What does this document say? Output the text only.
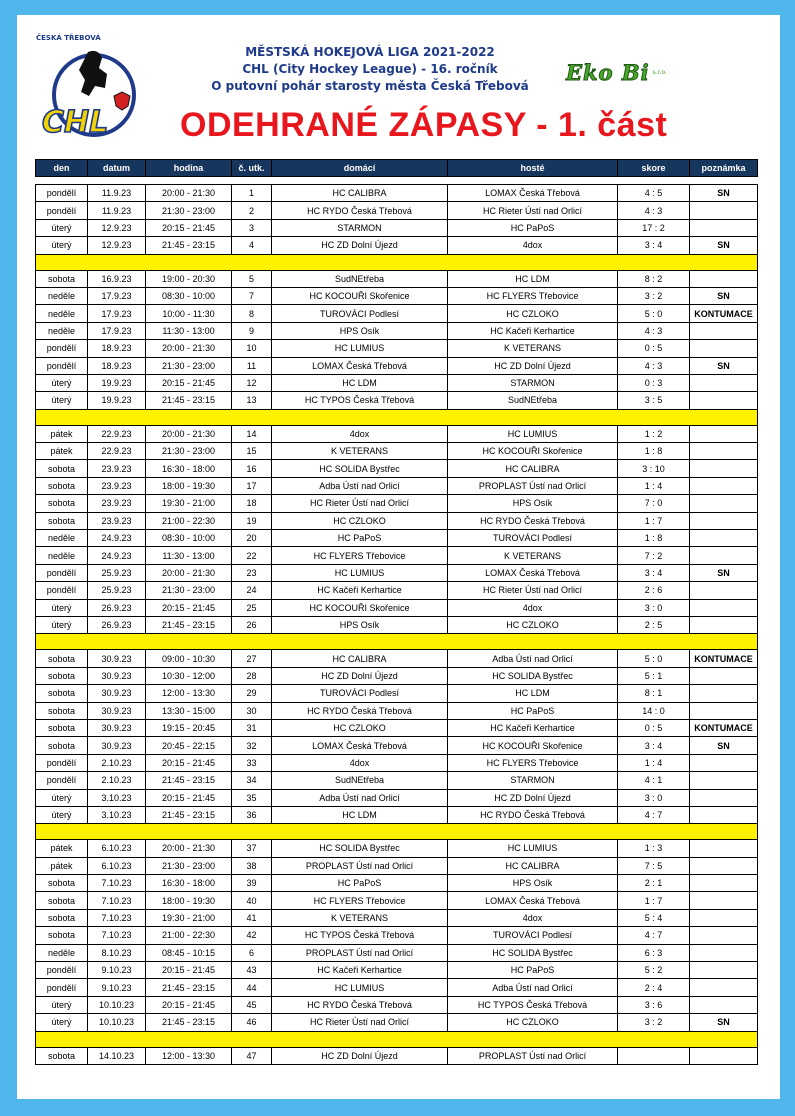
ČESKÁ TŘEBOVÁ
CHL
MĚSTSKÁ HOKEJOVÁ LIGA 2021-2022
CHL (City Hockey League) - 16. ročník
O putovní pohár starosty města Česká Třebová
Eko Bi $^{s.r.o.}$
ODEHRANÉ ZÁPASY - 1. část
den	datum	hodina	č. utk.	domácí	hosté	skore	poznámka

pondělí	11.9.23	20:00 - 21:30	1	HC CALIBRA	LOMAX Česká Třebová	4 : 5	SN
pondělí	11.9.23	21:30 - 23:00	2	HC RYDO Česká Třebová	HC Rieter Ústí nad Orlicí	4 : 3	
úterý	12.9.23	20:15 - 21:45	3	STARMON	HC PaPoS	17 : 2	
úterý	12.9.23	21:45 - 23:15	4	HC ZD Dolní Újezd	4dox	3 : 4	SN

sobota	16.9.23	19:00 - 20:30	5	SudNEtřeba	HC LDM	8 : 2	
neděle	17.9.23	08:30 - 10:00	7	HC KOCOUŘI Skořenice	HC FLYERS Třebovice	3 : 2	SN
neděle	17.9.23	10:00 - 11:30	8	TUROVÁCI Podlesí	HC CZLOKO	5 : 0	KONTUMACE
neděle	17.9.23	11:30 - 13:00	9	HPS Osík	HC Kačeři Kerhartice	4 : 3	
pondělí	18.9.23	20:00 - 21:30	10	HC LUMIUS	K VETERANS	0 : 5	
pondělí	18.9.23	21:30 - 23:00	11	LOMAX Česká Třebová	HC ZD Dolní Újezd	4 : 3	SN
úterý	19.9.23	20:15 - 21:45	12	HC LDM	STARMON	0 : 3	
úterý	19.9.23	21:45 - 23:15	13	HC TYPOS Česká Třebová	SudNEtřeba	3 : 5	

pátek	22.9.23	20:00 - 21:30	14	4dox	HC LUMIUS	1 : 2	
pátek	22.9.23	21:30 - 23:00	15	K VETERANS	HC KOCOUŘI Skořenice	1 : 8	
sobota	23.9.23	16:30 - 18:00	16	HC SOLIDA Bystřec	HC CALIBRA	3 : 10	
sobota	23.9.23	18:00 - 19:30	17	Adba Ústí nad Orlicí	PROPLAST Ústí nad Orlicí	1 : 4	
sobota	23.9.23	19:30 - 21:00	18	HC Rieter Ústí nad Orlicí	HPS Osík	7 : 0	
sobota	23.9.23	21:00 - 22:30	19	HC CZLOKO	HC RYDO Česká Třebová	1 : 7	
neděle	24.9.23	08:30 - 10:00	20	HC PaPoS	TUROVÁCI Podlesí	1 : 8	
neděle	24.9.23	11:30 - 13:00	22	HC FLYERS Třebovice	K VETERANS	7 : 2	
pondělí	25.9.23	20:00 - 21:30	23	HC LUMIUS	LOMAX Česká Třebová	3 : 4	SN
pondělí	25.9.23	21:30 - 23:00	24	HC Kačeři Kerhartice	HC Rieter Ústí nad Orlicí	2 : 6	
úterý	26.9.23	20:15 - 21:45	25	HC KOCOUŘI Skořenice	4dox	3 : 0	
úterý	26.9.23	21:45 - 23:15	26	HPS Osík	HC CZLOKO	2 : 5	

sobota	30.9.23	09:00 - 10:30	27	HC CALIBRA	Adba Ústí nad Orlicí	5 : 0	KONTUMACE
sobota	30.9.23	10:30 - 12:00	28	HC ZD Dolní Újezd	HC SOLIDA Bystřec	5 : 1	
sobota	30.9.23	12:00 - 13:30	29	TUROVÁCI Podlesí	HC LDM	8 : 1	
sobota	30.9.23	13:30 - 15:00	30	HC RYDO Česká Třebová	HC PaPoS	14 : 0	
sobota	30.9.23	19:15 - 20:45	31	HC CZLOKO	HC Kačeři Kerhartice	0 : 5	KONTUMACE
sobota	30.9.23	20:45 - 22:15	32	LOMAX Česká Třebová	HC KOCOUŘI Skořenice	3 : 4	SN
pondělí	2.10.23	20:15 - 21:45	33	4dox	HC FLYERS Třebovice	1 : 4	
pondělí	2.10.23	21:45 - 23:15	34	SudNEtřeba	STARMON	4 : 1	
úterý	3.10.23	20:15 - 21:45	35	Adba Ústí nad Orlicí	HC ZD Dolní Újezd	3 : 0	
úterý	3.10.23	21:45 - 23:15	36	HC LDM	HC RYDO Česká Třebová	4 : 7	

pátek	6.10.23	20:00 - 21:30	37	HC SOLIDA Bystřec	HC LUMIUS	1 : 3	
pátek	6.10.23	21:30 - 23:00	38	PROPLAST Ústí nad Orlicí	HC CALIBRA	7 : 5	
sobota	7.10.23	16:30 - 18:00	39	HC PaPoS	HPS Osík	2 : 1	
sobota	7.10.23	18:00 - 19:30	40	HC FLYERS Třebovice	LOMAX Česká Třebová	1 : 7	
sobota	7.10.23	19:30 - 21:00	41	K VETERANS	4dox	5 : 4	
sobota	7.10.23	21:00 - 22:30	42	HC TYPOS Česká Třebová	TUROVÁCI Podlesí	4 : 7	
neděle	8.10.23	08:45 - 10:15	6	PROPLAST Ústí nad Orlicí	HC SOLIDA Bystřec	6 : 3	
pondělí	9.10.23	20:15 - 21:45	43	HC Kačeři Kerhartice	HC PaPoS	5 : 2	
pondělí	9.10.23	21:45 - 23:15	44	HC LUMIUS	Adba Ústí nad Orlicí	2 : 4	
úterý	10.10.23	20:15 - 21:45	45	HC RYDO Česká Třebová	HC TYPOS Česká Třebová	3 : 6	
úterý	10.10.23	21:45 - 23:15	46	HC Rieter Ústí nad Orlicí	HC CZLOKO	3 : 2	SN

sobota	14.10.23	12:00 - 13:30	47	HC ZD Dolní Újezd	PROPLAST Ústí nad Orlicí		
